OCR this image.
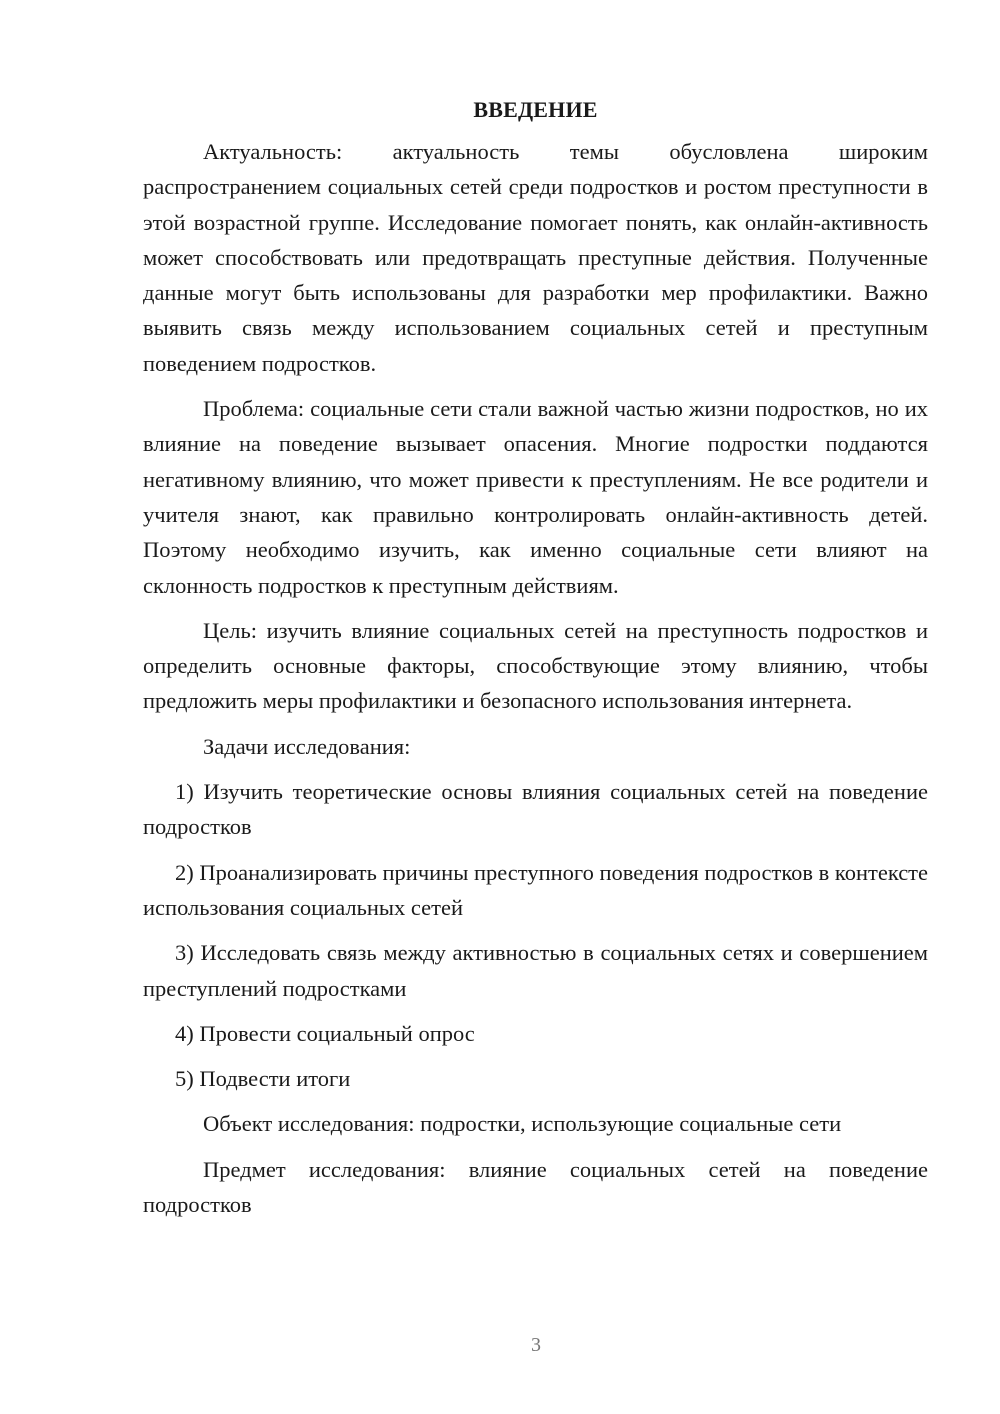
ВВЕДЕНИЕ

Актуальность: актуальность темы обусловлена широким распространением социальных сетей среди подростков и ростом преступности в этой возрастной группе. Исследование помогает понять, как онлайн-активность может способствовать или предотвращать преступные действия. Полученные данные могут быть использованы для разработки мер профилактики. Важно выявить связь между использованием социальных сетей и преступным поведением подростков.

Проблема: социальные сети стали важной частью жизни подростков, но их влияние на поведение вызывает опасения. Многие подростки поддаются негативному влиянию, что может привести к преступлениям. Не все родители и учителя знают, как правильно контролировать онлайн-активность детей. Поэтому необходимо изучить, как именно социальные сети влияют на склонность подростков к преступным действиям.

Цель: изучить влияние социальных сетей на преступность подростков и определить основные факторы, способствующие этому влиянию, чтобы предложить меры профилактики и безопасного использования интернета.

Задачи исследования:

1) Изучить теоретические основы влияния социальных сетей на поведение подростков

2) Проанализировать причины преступного поведения подростков в контексте использования социальных сетей

3) Исследовать связь между активностью в социальных сетях и совершением преступлений подростками

4) Провести социальный опрос

5) Подвести итоги

Объект исследования: подростки, использующие социальные сети

Предмет исследования: влияние социальных сетей на поведение подростков

3
